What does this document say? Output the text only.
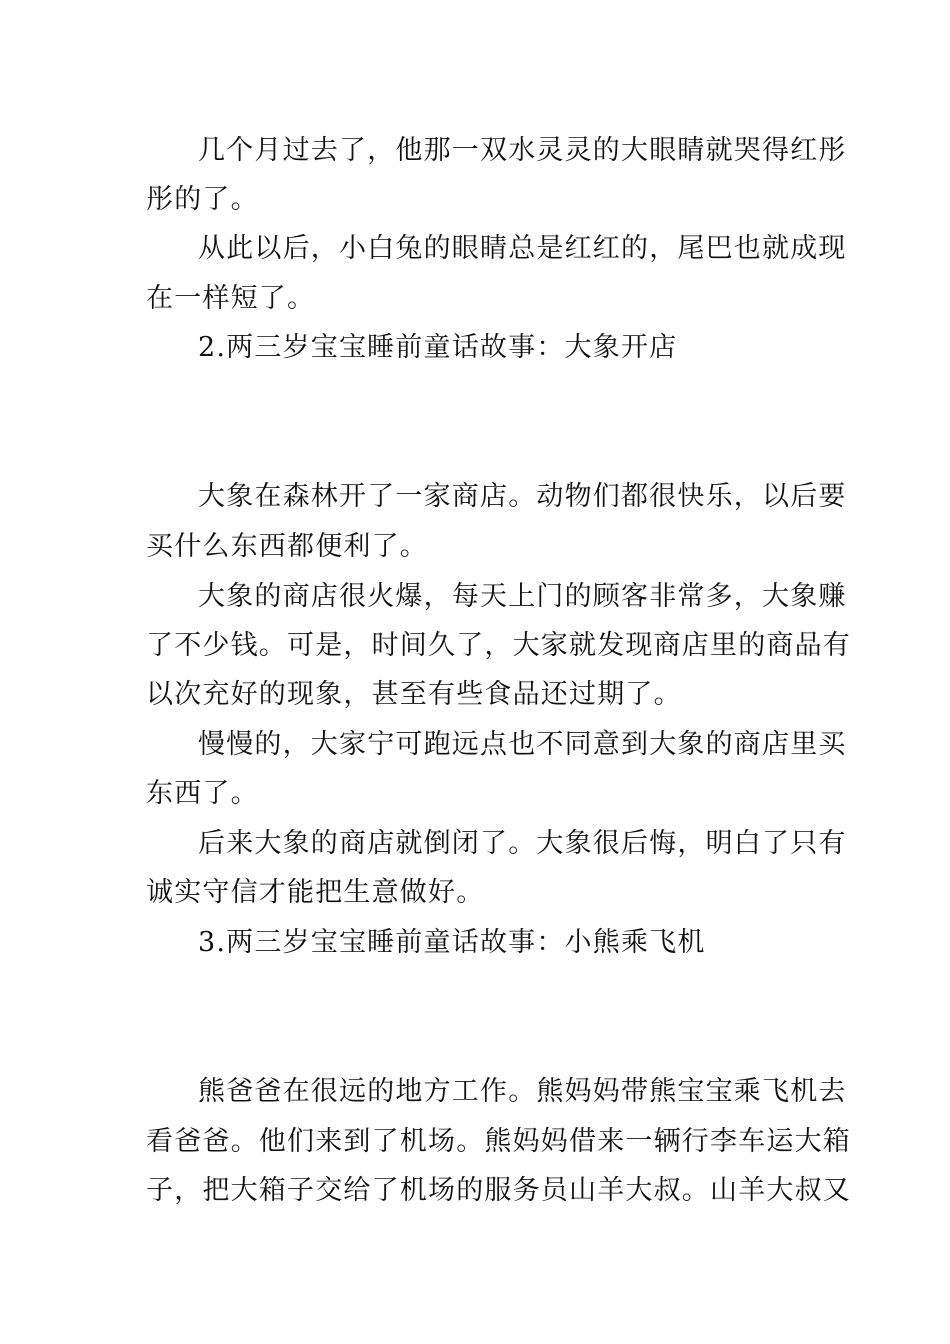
几个月过去了，他那一双水灵灵的大眼睛就哭得红彤
彤的了。
从此以后，小白兔的眼睛总是红红的，尾巴也就成现
在一样短了。
2.两三岁宝宝睡前童话故事：大象开店
大象在森林开了一家商店。动物们都很快乐，以后要
买什么东西都便利了。
大象的商店很火爆，每天上门的顾客非常多，大象赚
了不少钱。可是，时间久了，大家就发现商店里的商品有
以次充好的现象，甚至有些食品还过期了。
慢慢的，大家宁可跑远点也不同意到大象的商店里买
东西了。
后来大象的商店就倒闭了。大象很后悔，明白了只有
诚实守信才能把生意做好。
3.两三岁宝宝睡前童话故事：小熊乘飞机
熊爸爸在很远的地方工作。熊妈妈带熊宝宝乘飞机去
看爸爸。他们来到了机场。熊妈妈借来一辆行李车运大箱
子，把大箱子交给了机场的服务员山羊大叔。山羊大叔又
